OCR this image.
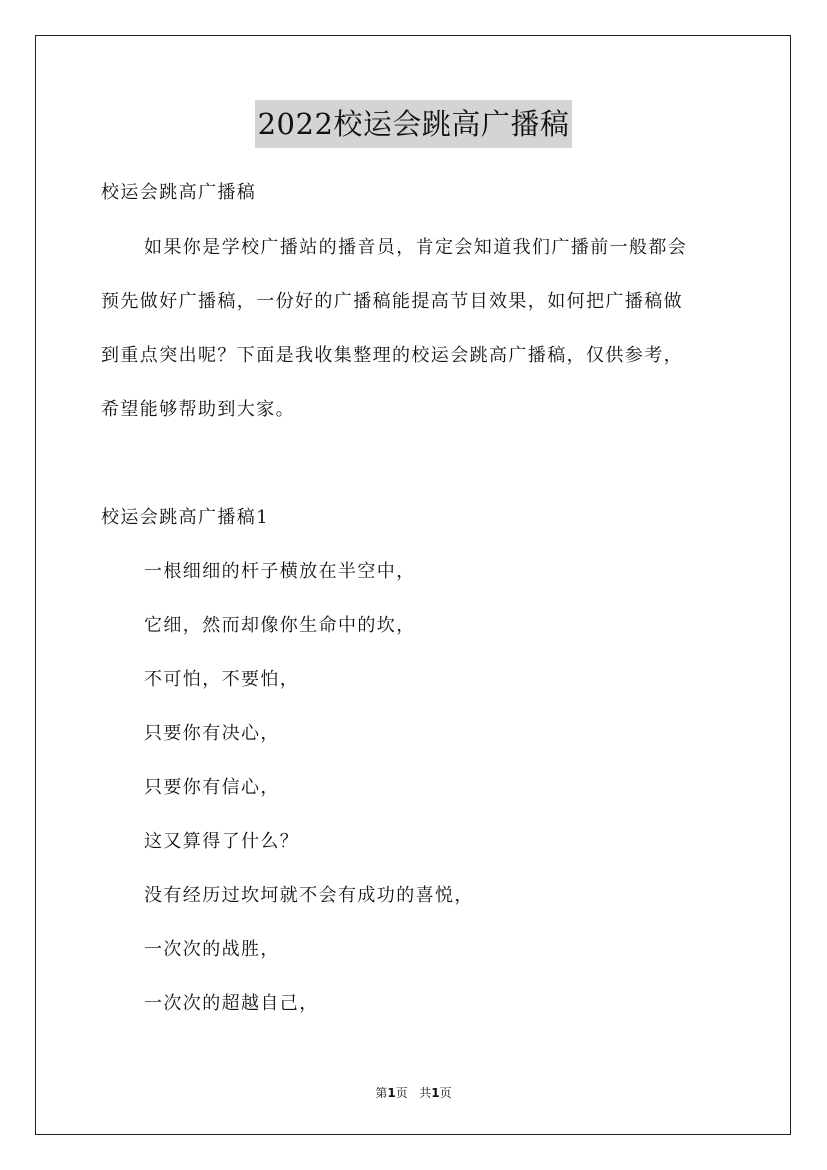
2022校运会跳高广播稿
校运会跳高广播稿
如果你是学校广播站的播音员，肯定会知道我们广播前一般都会
预先做好广播稿，一份好的广播稿能提高节目效果，如何把广播稿做
到重点突出呢？下面是我收集整理的校运会跳高广播稿，仅供参考，
希望能够帮助到大家。
校运会跳高广播稿1
一根细细的杆子横放在半空中，
它细，然而却像你生命中的坎，
不可怕，不要怕，
只要你有决心，
只要你有信心，
这又算得了什么？
没有经历过坎坷就不会有成功的喜悦，
一次次的战胜，
一次次的超越自己，
第1页   共1页
